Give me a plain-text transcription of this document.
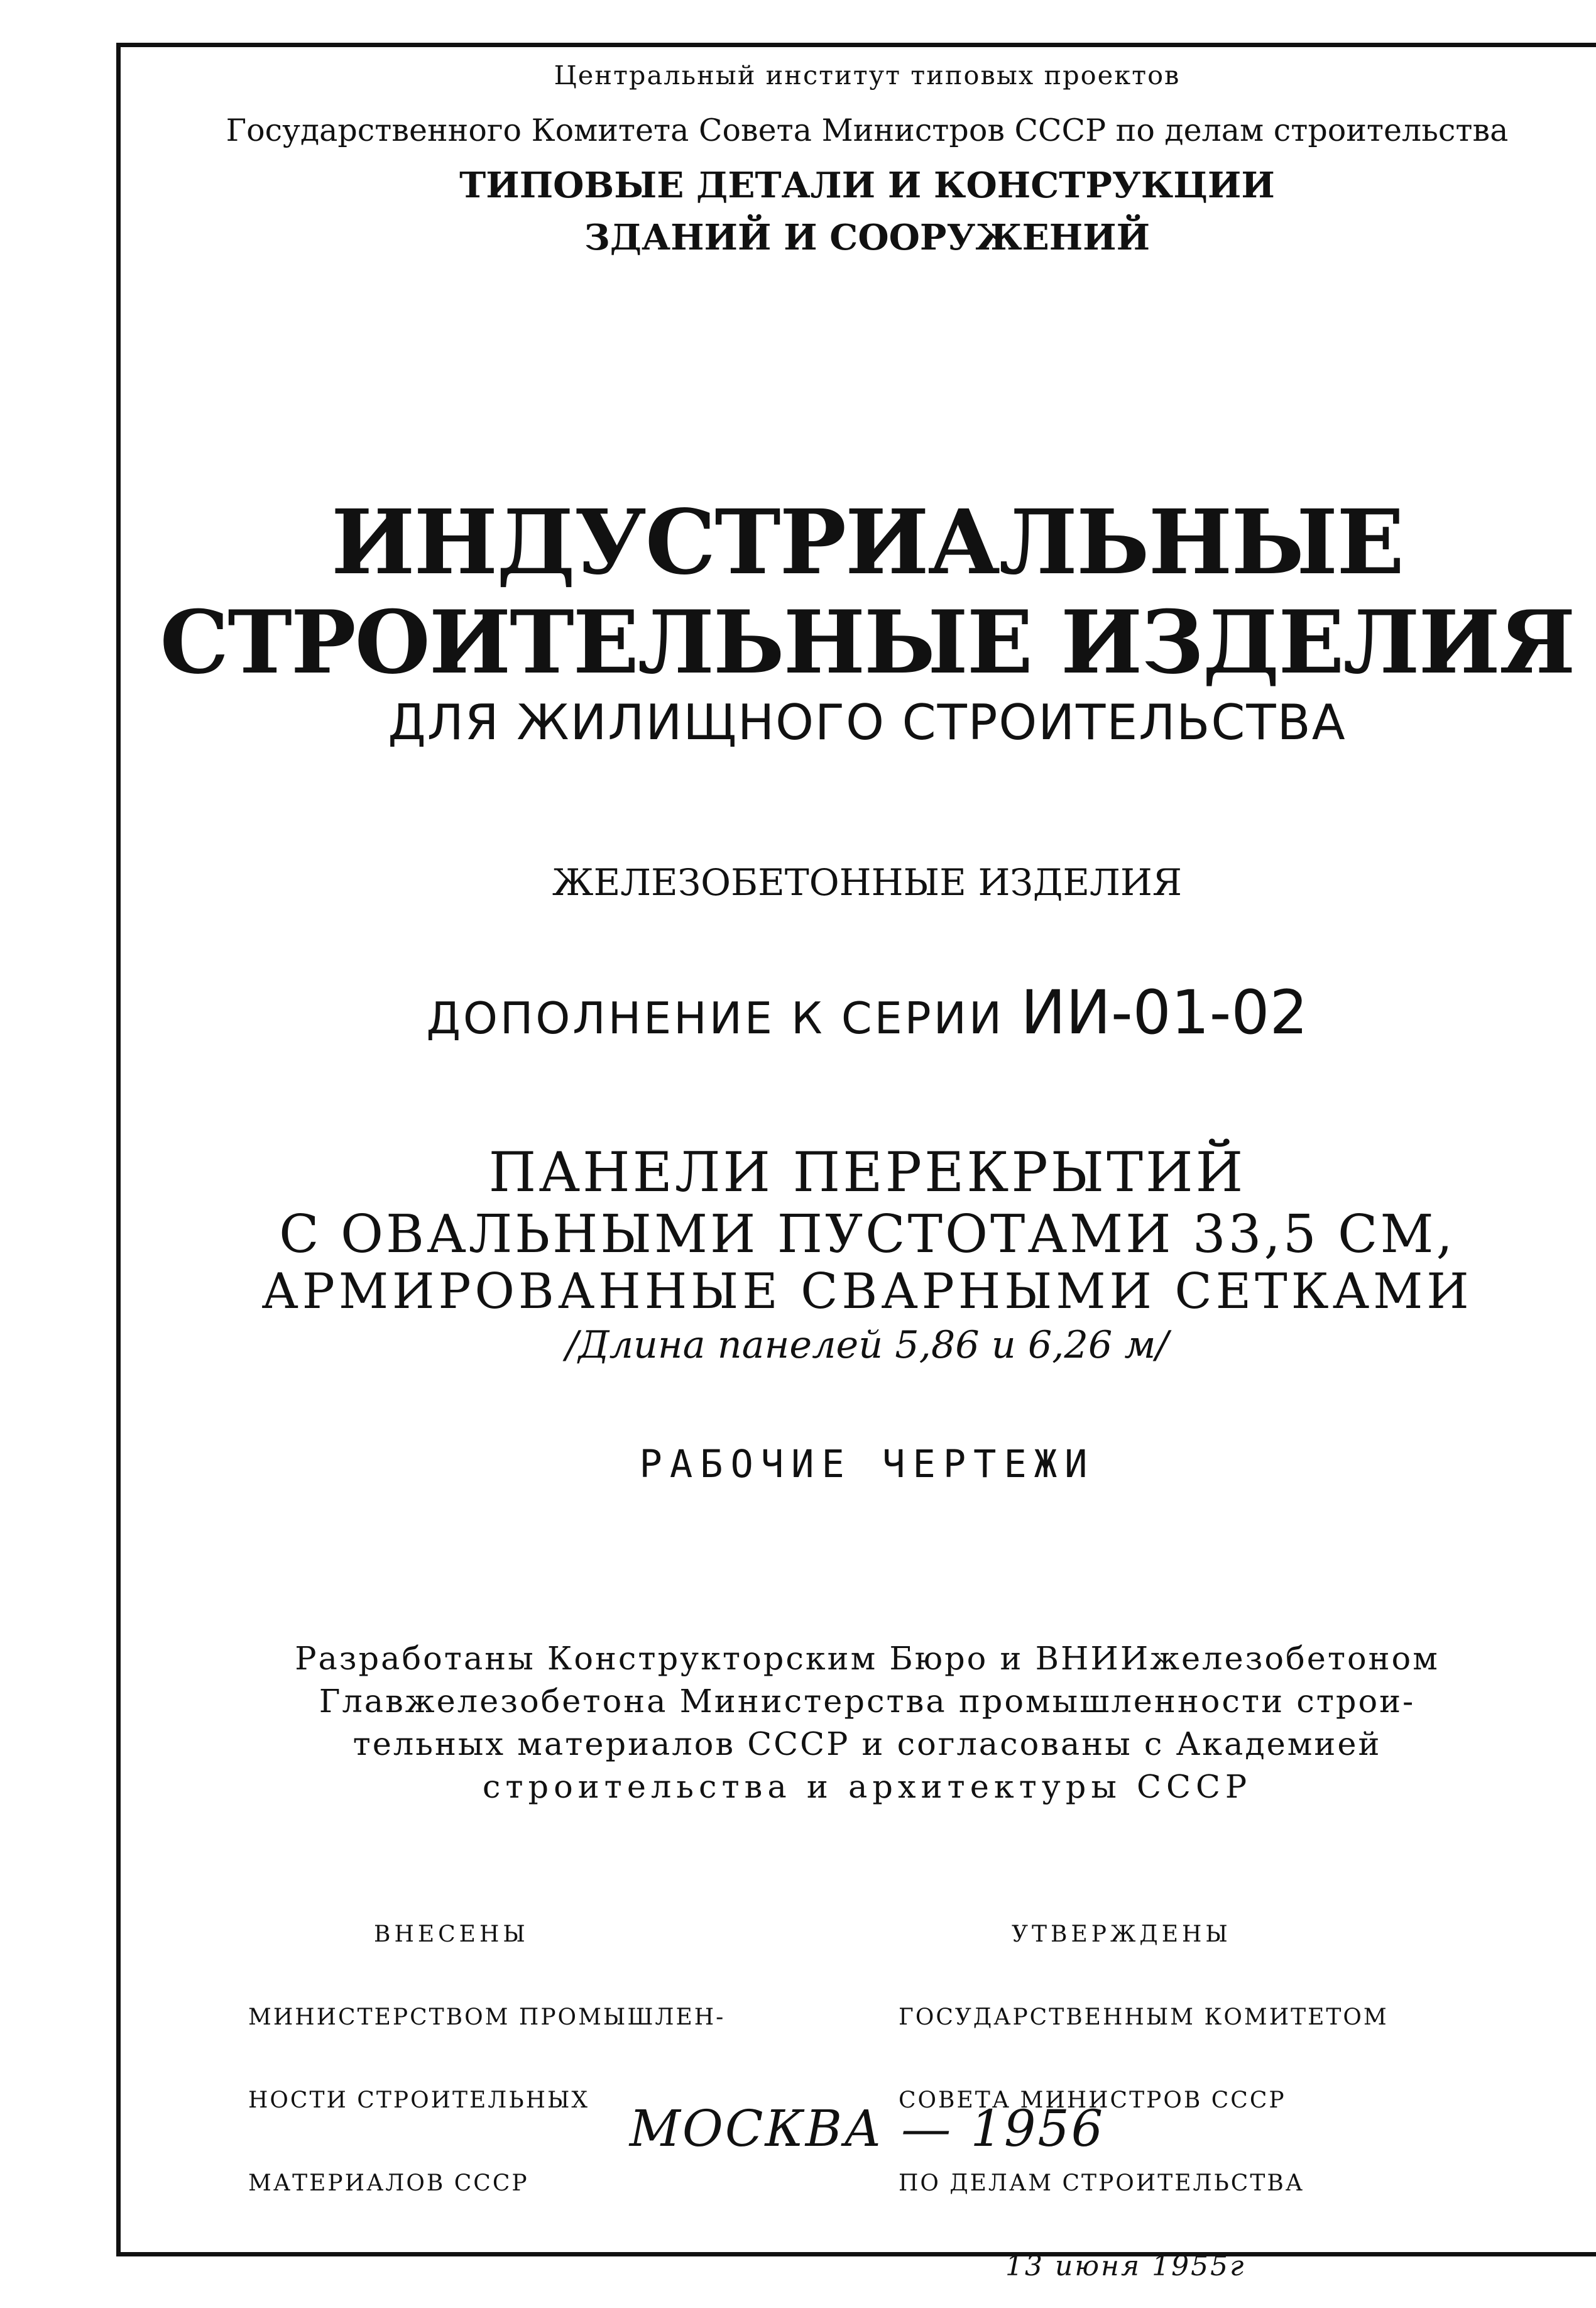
Центральный институт типовых проектов
Государственного Комитета Совета Министров СССР по делам строительства
ТИПОВЫЕ ДЕТАЛИ И КОНСТРУКЦИИ
ЗДАНИЙ И СООРУЖЕНИЙ
ИНДУСТРИАЛЬНЫЕ
СТРОИТЕЛЬНЫЕ ИЗДЕЛИЯ
ДЛЯ ЖИЛИЩНОГО СТРОИТЕЛЬСТВА
ЖЕЛЕЗОБЕТОННЫЕ ИЗДЕЛИЯ
ДОПОЛНЕНИЕ К СЕРИИ ИИ-01-02
ПАНЕЛИ ПЕРЕКРЫТИЙ
С ОВАЛЬНЫМИ ПУСТОТАМИ 33,5 СМ,
АРМИРОВАННЫЕ СВАРНЫМИ СЕТКАМИ
/Длина панелей 5,86 и 6,26 м/
РАБОЧИЕ ЧЕРТЕЖИ
Разработаны Конструкторским Бюро и ВНИИжелезобетоном
Главжелезобетона Министерства промышленности строи-
тельных материалов СССР и согласованы с Академией
строительства и архитектуры СССР

ВНЕСЕНЫ

МИНИСТЕРСТВОМ ПРОМЫШЛЕН-

НОСТИ СТРОИТЕЛЬНЫХ

МАТЕРИАЛОВ СССР

УТВЕРЖДЕНЫ

ГОСУДАРСТВЕННЫМ КОМИТЕТОМ

СОВЕТА МИНИСТРОВ СССР

ПО ДЕЛАМ СТРОИТЕЛЬСТВА

13 июня 1955г

МОСКВА — 1956
